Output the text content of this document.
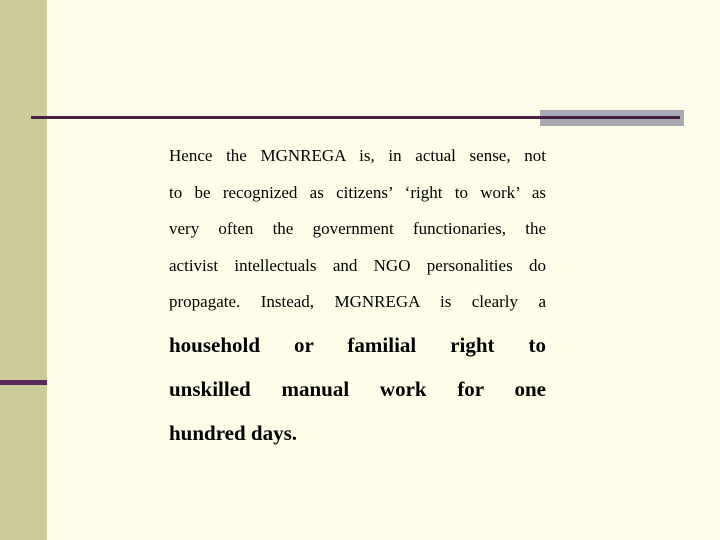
Hence the MGNREGA is, in actual sense, not
to be recognized as citizens’ ‘right to work’ as
very often the government functionaries, the
activist intellectuals and NGO personalities do
propagate. Instead, MGNREGA is clearly a
household or familial right to
unskilled manual work for one
hundred days.
